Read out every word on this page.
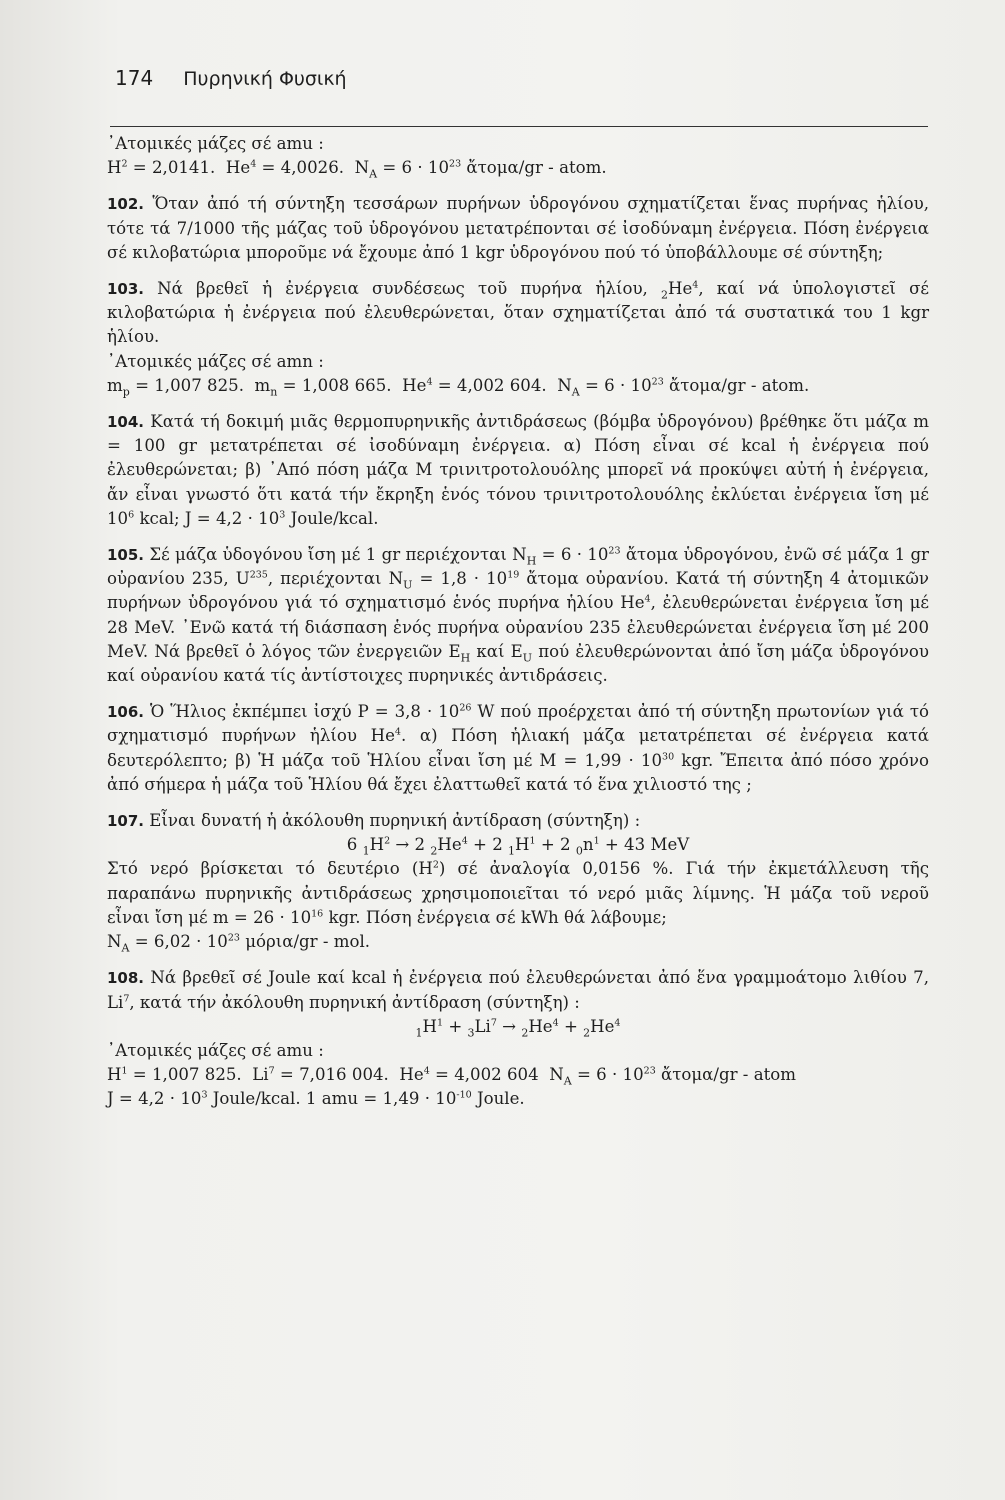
174 Πυρηνική Φυσική

᾿Ατομικές μάζες σέ amu :

$H^2 = 2,0141$. $He^4 = 4,0026$. $N_A = 6 \cdot 10^{23}$ ἄτομα/gr - atom.

102. Ὅταν ἀπό τή σύντηξη τεσσάρων πυρήνων ὑδρογόνου σχηματίζεται ἕνας πυρήνας ἡλίου, τότε τά 7/1000 τῆς μάζας τοῦ ὑδρογόνου μετατρέπονται σέ ἰσοδύναμη ἐνέργεια. Πόση ἐνέργεια σέ κιλοβατώρια μποροῦμε νά ἔχουμε ἀπό 1 kgr ὑδρογόνου πού τό ὑποβάλλουμε σέ σύντηξη;

103. Νά βρεθεῖ ἡ ἐνέργεια συνδέσεως τοῦ πυρήνα ἡλίου, $_2He^4$, καί νά ὑπολογιστεῖ σέ κιλοβατώρια ἡ ἐνέργεια πού ἐλευθερώνεται, ὅταν σχηματίζεται ἀπό τά συστατικά του 1 kgr ἡλίου.

᾿Ατομικές μάζες σέ amn :

$m_p = 1,007$ 825. $m_n = 1,008$ 665. $He^4 = 4,002$ 604. $N_A = 6 \cdot 10^{23}$ ἄτομα/gr - atom.

104. Κατά τή δοκιμή μιᾶς θερμοπυρηνικῆς ἀντιδράσεως (βόμβα ὑδρογόνου) βρέθηκε ὅτι μάζα m = 100 gr μετατρέπεται σέ ἰσοδύναμη ἐνέργεια. α) Πόση εἶναι σέ kcal ἡ ἐνέργεια πού ἐλευθερώνεται; β) ᾿Από πόση μάζα M τρινιτροτολουόλης μπορεῖ νά προκύψει αὐτή ἡ ἐνέργεια, ἄν εἶναι γνωστό ὅτι κατά τήν ἔκρηξη ἑνός τόνου τρινιτροτολουόλης ἐκλύεται ἐνέργεια ἴση μέ $10^6$ kcal; $J = 4,2 \cdot 10^3$ Joule/kcal.

105. Σέ μάζα ὑδογόνου ἴση μέ 1 gr περιέχονται $N_H = 6 \cdot 10^{23}$ ἄτομα ὑδρογόνου, ἐνῶ σέ μάζα 1 gr οὐρανίου 235, $U^{235}$, περιέχονται $N_U = 1,8 \cdot 10^{19}$ ἄτομα οὐρανίου. Κατά τή σύντηξη 4 ἀτομικῶν πυρήνων ὑδρογόνου γιά τό σχηματισμό ἑνός πυρήνα ἡλίου He$^4$, ἐλευθερώνεται ἐνέργεια ἴση μέ 28 MeV. ᾿Ενῶ κατά τή διάσπαση ἑνός πυρήνα οὐρανίου 235 ἐλευθερώνεται ἐνέργεια ἴση μέ 200 MeV. Νά βρεθεῖ ὁ λόγος τῶν ἐνεργειῶν $E_H$ καί $E_U$ πού ἐλευθερώνονται ἀπό ἴση μάζα ὑδρογόνου καί οὐρανίου κατά τίς ἀντίστοιχες πυρηνικές ἀντιδράσεις.

106. Ὁ Ἥλιος ἐκπέμπει ἰσχύ $P = 3,8 \cdot 10^{26}$ W πού προέρχεται ἀπό τή σύντηξη πρωτονίων γιά τό σχηματισμό πυρήνων ἡλίου He$^4$. α) Πόση ἡλιακή μάζα μετατρέπεται σέ ἐνέργεια κατά δευτερόλεπτο; β) Ἡ μάζα τοῦ Ἡλίου εἶναι ἴση μέ $M = 1,99 \cdot 10^{30}$ kgr. Ἔπειτα ἀπό πόσο χρόνο ἀπό σήμερα ἡ μάζα τοῦ Ἡλίου θά ἔχει ἐλαττωθεῖ κατά τό ἕνα χιλιοστό της ;

107. Εἶναι δυνατή ἡ ἀκόλουθη πυρηνική ἀντίδραση (σύντηξη) :

6 $_1H^2 \to 2$ $_2He^4 + 2$ $_1H^1 + 2$ $_0n^1 + 43$ MeV

Στό νερό βρίσκεται τό δευτέριο $(H^2)$ σέ ἀναλογία 0,0156 %. Γιά τήν ἐκμετάλλευση τῆς παραπάνω πυρηνικῆς ἀντιδράσεως χρησιμοποιεῖται τό νερό μιᾶς λίμνης. Ἡ μάζα τοῦ νεροῦ εἶναι ἴση μέ $m = 26 \cdot 10^{16}$ kgr. Πόση ἐνέργεια σέ kWh θά λάβουμε;

$N_A = 6,02 \cdot 10^{23}$ μόρια/gr - mol.

108. Νά βρεθεῖ σέ Joule καί kcal ἡ ἐνέργεια πού ἐλευθερώνεται ἀπό ἕνα γραμμοάτομο λιθίου 7, Li$^7$, κατά τήν ἀκόλουθη πυρηνική ἀντίδραση (σύντηξη) :

$_1H^1 + _3Li^7 \to _2He^4 + _2He^4$

᾿Ατομικές μάζες σέ amu :

$H^1 = 1,007$ 825. $Li^7 = 7,016$ 004. $He^4 = 4,002$ 604 $N_A = 6 \cdot 10^{23}$ ἄτομα/gr - atom

$J = 4,2 \cdot 10^3$ Joule/kcal. 1 amu = $1,49 \cdot 10^{-10}$ Joule.
